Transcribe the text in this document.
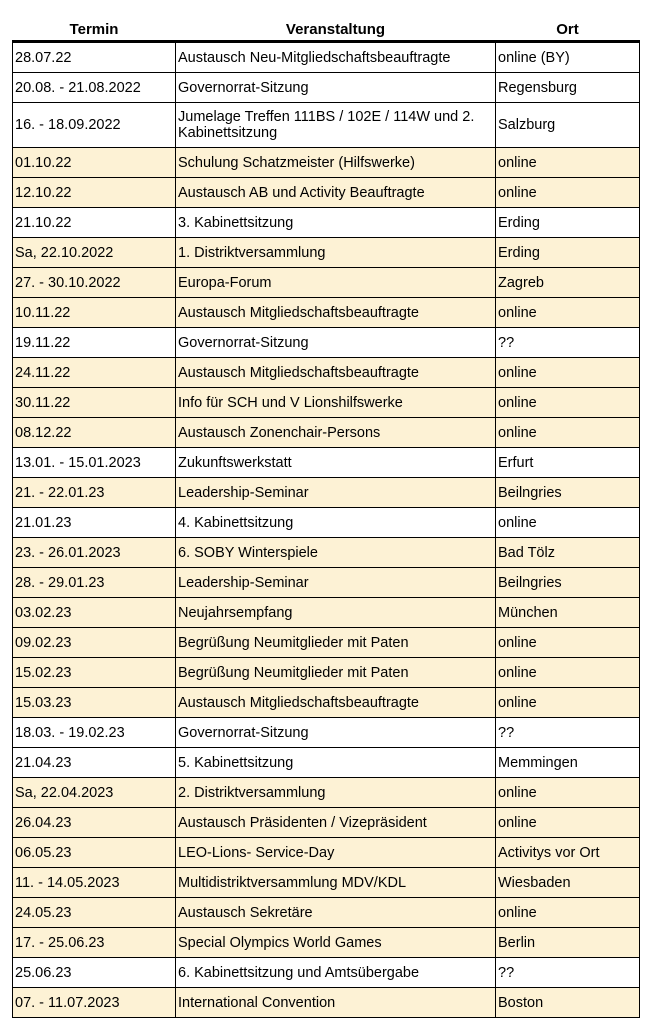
Termin	Veranstaltung	Ort
28.07.22	Austausch Neu-Mitgliedschaftsbeauftragte	online (BY)
20.08. - 21.08.2022	Governorrat-Sitzung	Regensburg
16. - 18.09.2022	Jumelage Treffen 111BS / 102E / 114W und 2. Kabinettsitzung	Salzburg
01.10.22	Schulung Schatzmeister (Hilfswerke)	online
12.10.22	Austausch AB und Activity Beauftragte	online
21.10.22	3. Kabinettsitzung	Erding
Sa, 22.10.2022	1. Distriktversammlung	Erding
27. - 30.10.2022	Europa-Forum	Zagreb
10.11.22	Austausch Mitgliedschaftsbeauftragte	online
19.11.22	Governorrat-Sitzung	??
24.11.22	Austausch Mitgliedschaftsbeauftragte	online
30.11.22	Info für SCH und V Lionshilfswerke	online
08.12.22	Austausch Zonenchair-Persons	online
13.01. - 15.01.2023	Zukunftswerkstatt	Erfurt
21. - 22.01.23	Leadership-Seminar	Beilngries
21.01.23	4. Kabinettsitzung	online
23. - 26.01.2023	6. SOBY Winterspiele	Bad Tölz
28. - 29.01.23	Leadership-Seminar	Beilngries
03.02.23	Neujahrsempfang	München
09.02.23	Begrüßung Neumitglieder mit Paten	online
15.02.23	Begrüßung Neumitglieder mit Paten	online
15.03.23	Austausch Mitgliedschaftsbeauftragte	online
18.03. - 19.02.23	Governorrat-Sitzung	??
21.04.23	5. Kabinettsitzung	Memmingen
Sa, 22.04.2023	2. Distriktversammlung	online
26.04.23	Austausch Präsidenten / Vizepräsident	online
06.05.23	LEO-Lions- Service-Day	Activitys vor Ort
11. - 14.05.2023	Multidistriktversammlung MDV/KDL	Wiesbaden
24.05.23	Austausch Sekretäre	online
17. - 25.06.23	Special Olympics World Games	Berlin
25.06.23	6. Kabinettsitzung und Amtsübergabe	??
07. - 11.07.2023	International Convention	Boston
